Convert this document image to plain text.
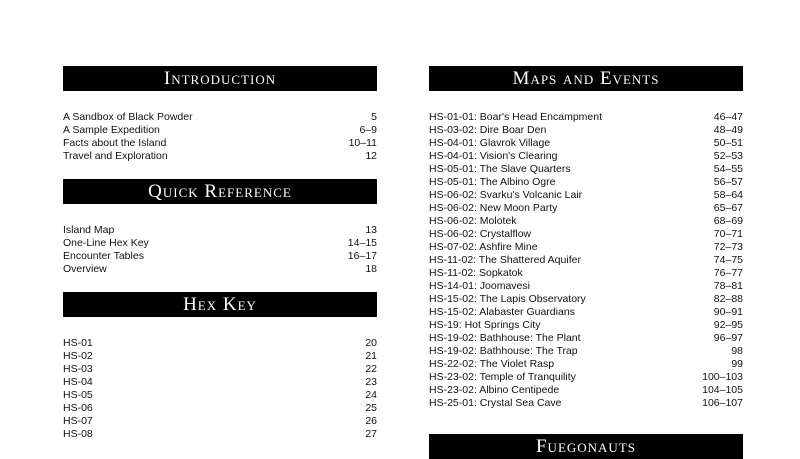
Introduction
A Sandbox of Black Powder	5
A Sample Expedition	6–9
Facts about the Island	10–11
Travel and Exploration	12
Quick Reference
Island Map	13
One-Line Hex Key	14–15
Encounter Tables	16–17
Overview	18
Hex Key
HS-01	20
HS-02	21
HS-03	22
HS-04	23
HS-05	24
HS-06	25
HS-07	26
HS-08	27
Maps and Events
HS-01-01: Boar's Head Encampment	46–47
HS-03-02: Dire Boar Den	48–49
HS-04-01: Glavrok Village	50–51
HS-04-01: Vision's Clearing	52–53
HS-05-01: The Slave Quarters	54–55
HS-05-01: The Albino Ogre	56–57
HS-06-02: Svarku's Volcanic Lair	58–64
HS-06-02: New Moon Party	65–67
HS-06-02: Molotek	68–69
HS-06-02: Crystalflow	70–71
HS-07-02: Ashfire Mine	72–73
HS-11-02: The Shattered Aquifer	74–75
HS-11-02: Sopkatok	76–77
HS-14-01: Joomavesi	78–81
HS-15-02: The Lapis Observatory	82–88
HS-15-02: Alabaster Guardians	90–91
HS-19: Hot Springs City	92–95
HS-19-02: Bathhouse: The Plant	96–97
HS-19-02: Bathhouse: The Trap	98
HS-22-02: The Violet Rasp	99
HS-23-02: Temple of Tranquility	100–103
HS-23-02: Albino Centipede	104–105
HS-25-01: Crystal Sea Cave	106–107
Fuegonauts
